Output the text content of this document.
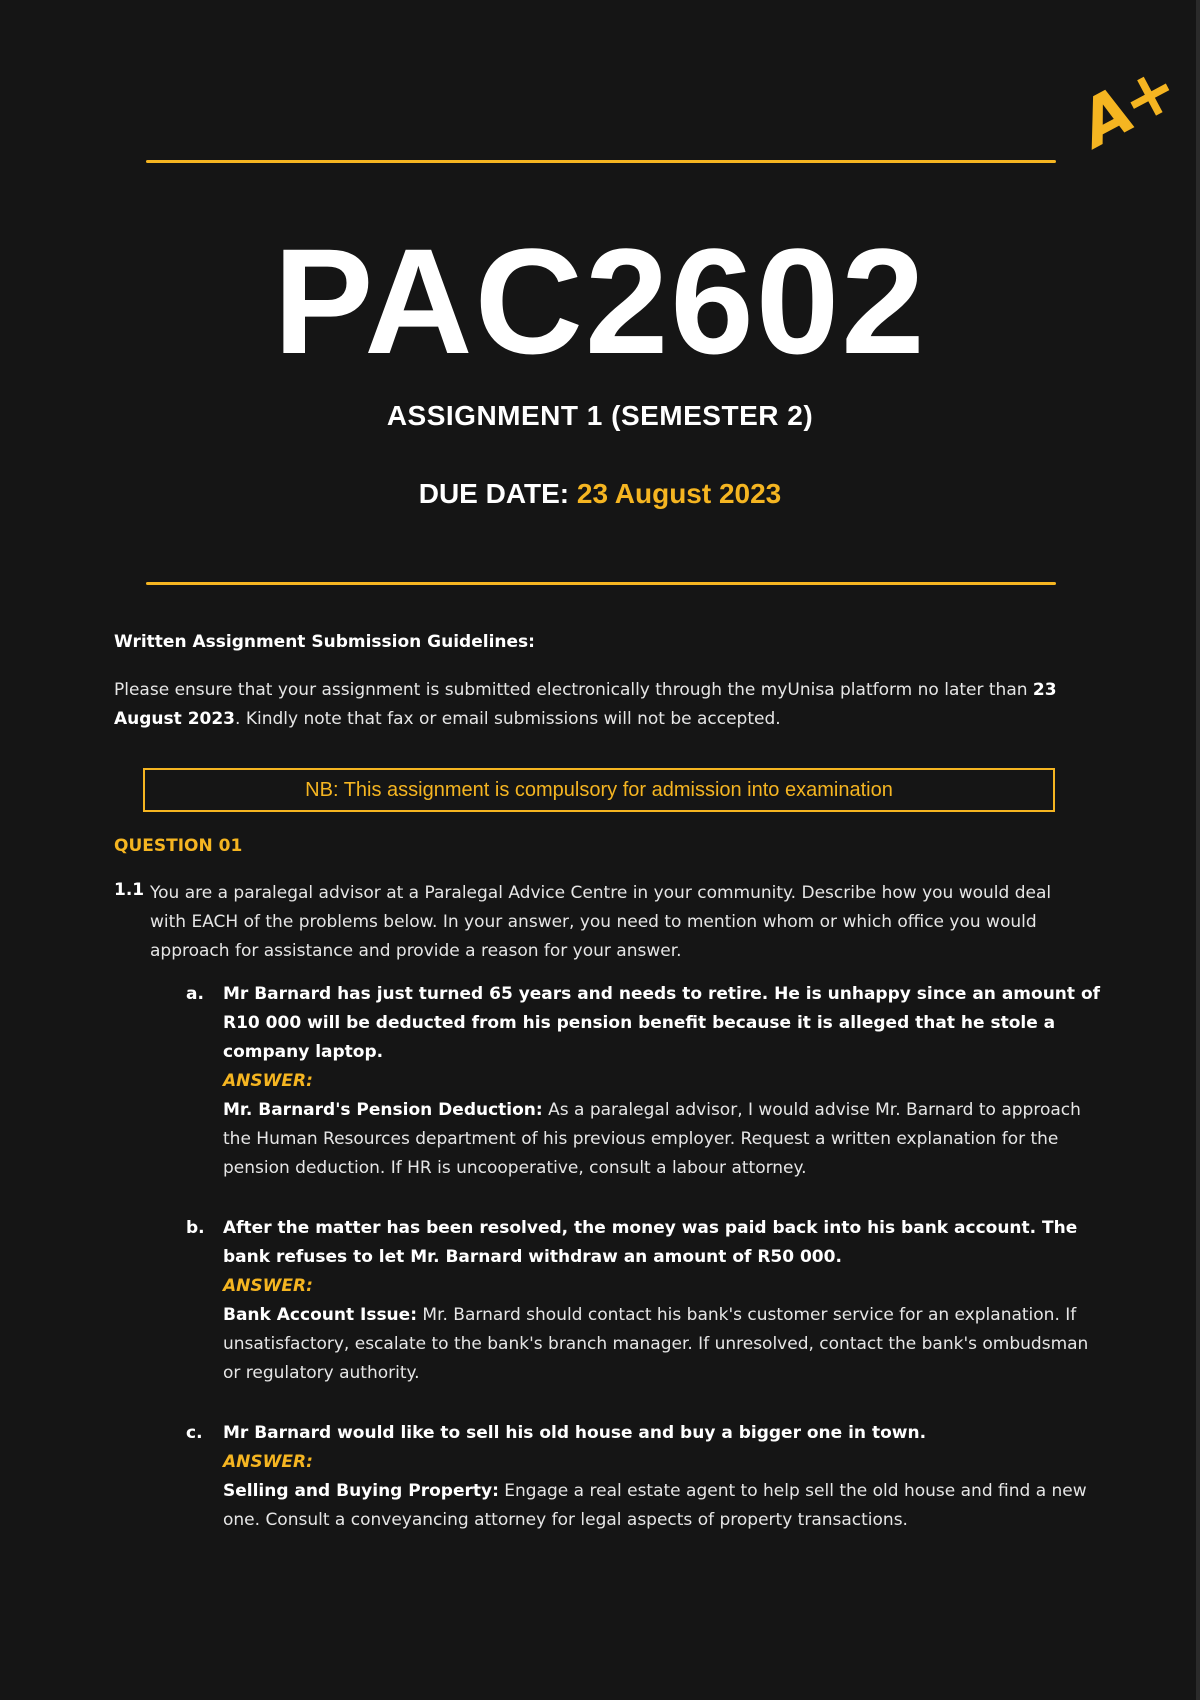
A+
PAC2602
ASSIGNMENT 1 (SEMESTER 2)
DUE DATE: 23 August 2023
Written Assignment Submission Guidelines:
Please ensure that your assignment is submitted electronically through the myUnisa platform no later than 23 August 2023. Kindly note that fax or email submissions will not be accepted.
NB: This assignment is compulsory for admission into examination
QUESTION 01
1.1 You are a paralegal advisor at a Paralegal Advice Centre in your community. Describe how you would deal with EACH of the problems below. In your answer, you need to mention whom or which office you would approach for assistance and provide a reason for your answer.
a. Mr Barnard has just turned 65 years and needs to retire. He is unhappy since an amount of R10 000 will be deducted from his pension benefit because it is alleged that he stole a company laptop.
ANSWER:
Mr. Barnard's Pension Deduction: As a paralegal advisor, I would advise Mr. Barnard to approach the Human Resources department of his previous employer. Request a written explanation for the pension deduction. If HR is uncooperative, consult a labour attorney.
b. After the matter has been resolved, the money was paid back into his bank account. The bank refuses to let Mr. Barnard withdraw an amount of R50 000.
ANSWER:
Bank Account Issue: Mr. Barnard should contact his bank's customer service for an explanation. If unsatisfactory, escalate to the bank's branch manager. If unresolved, contact the bank's ombudsman or regulatory authority.
c. Mr Barnard would like to sell his old house and buy a bigger one in town.
ANSWER:
Selling and Buying Property: Engage a real estate agent to help sell the old house and find a new one. Consult a conveyancing attorney for legal aspects of property transactions.
